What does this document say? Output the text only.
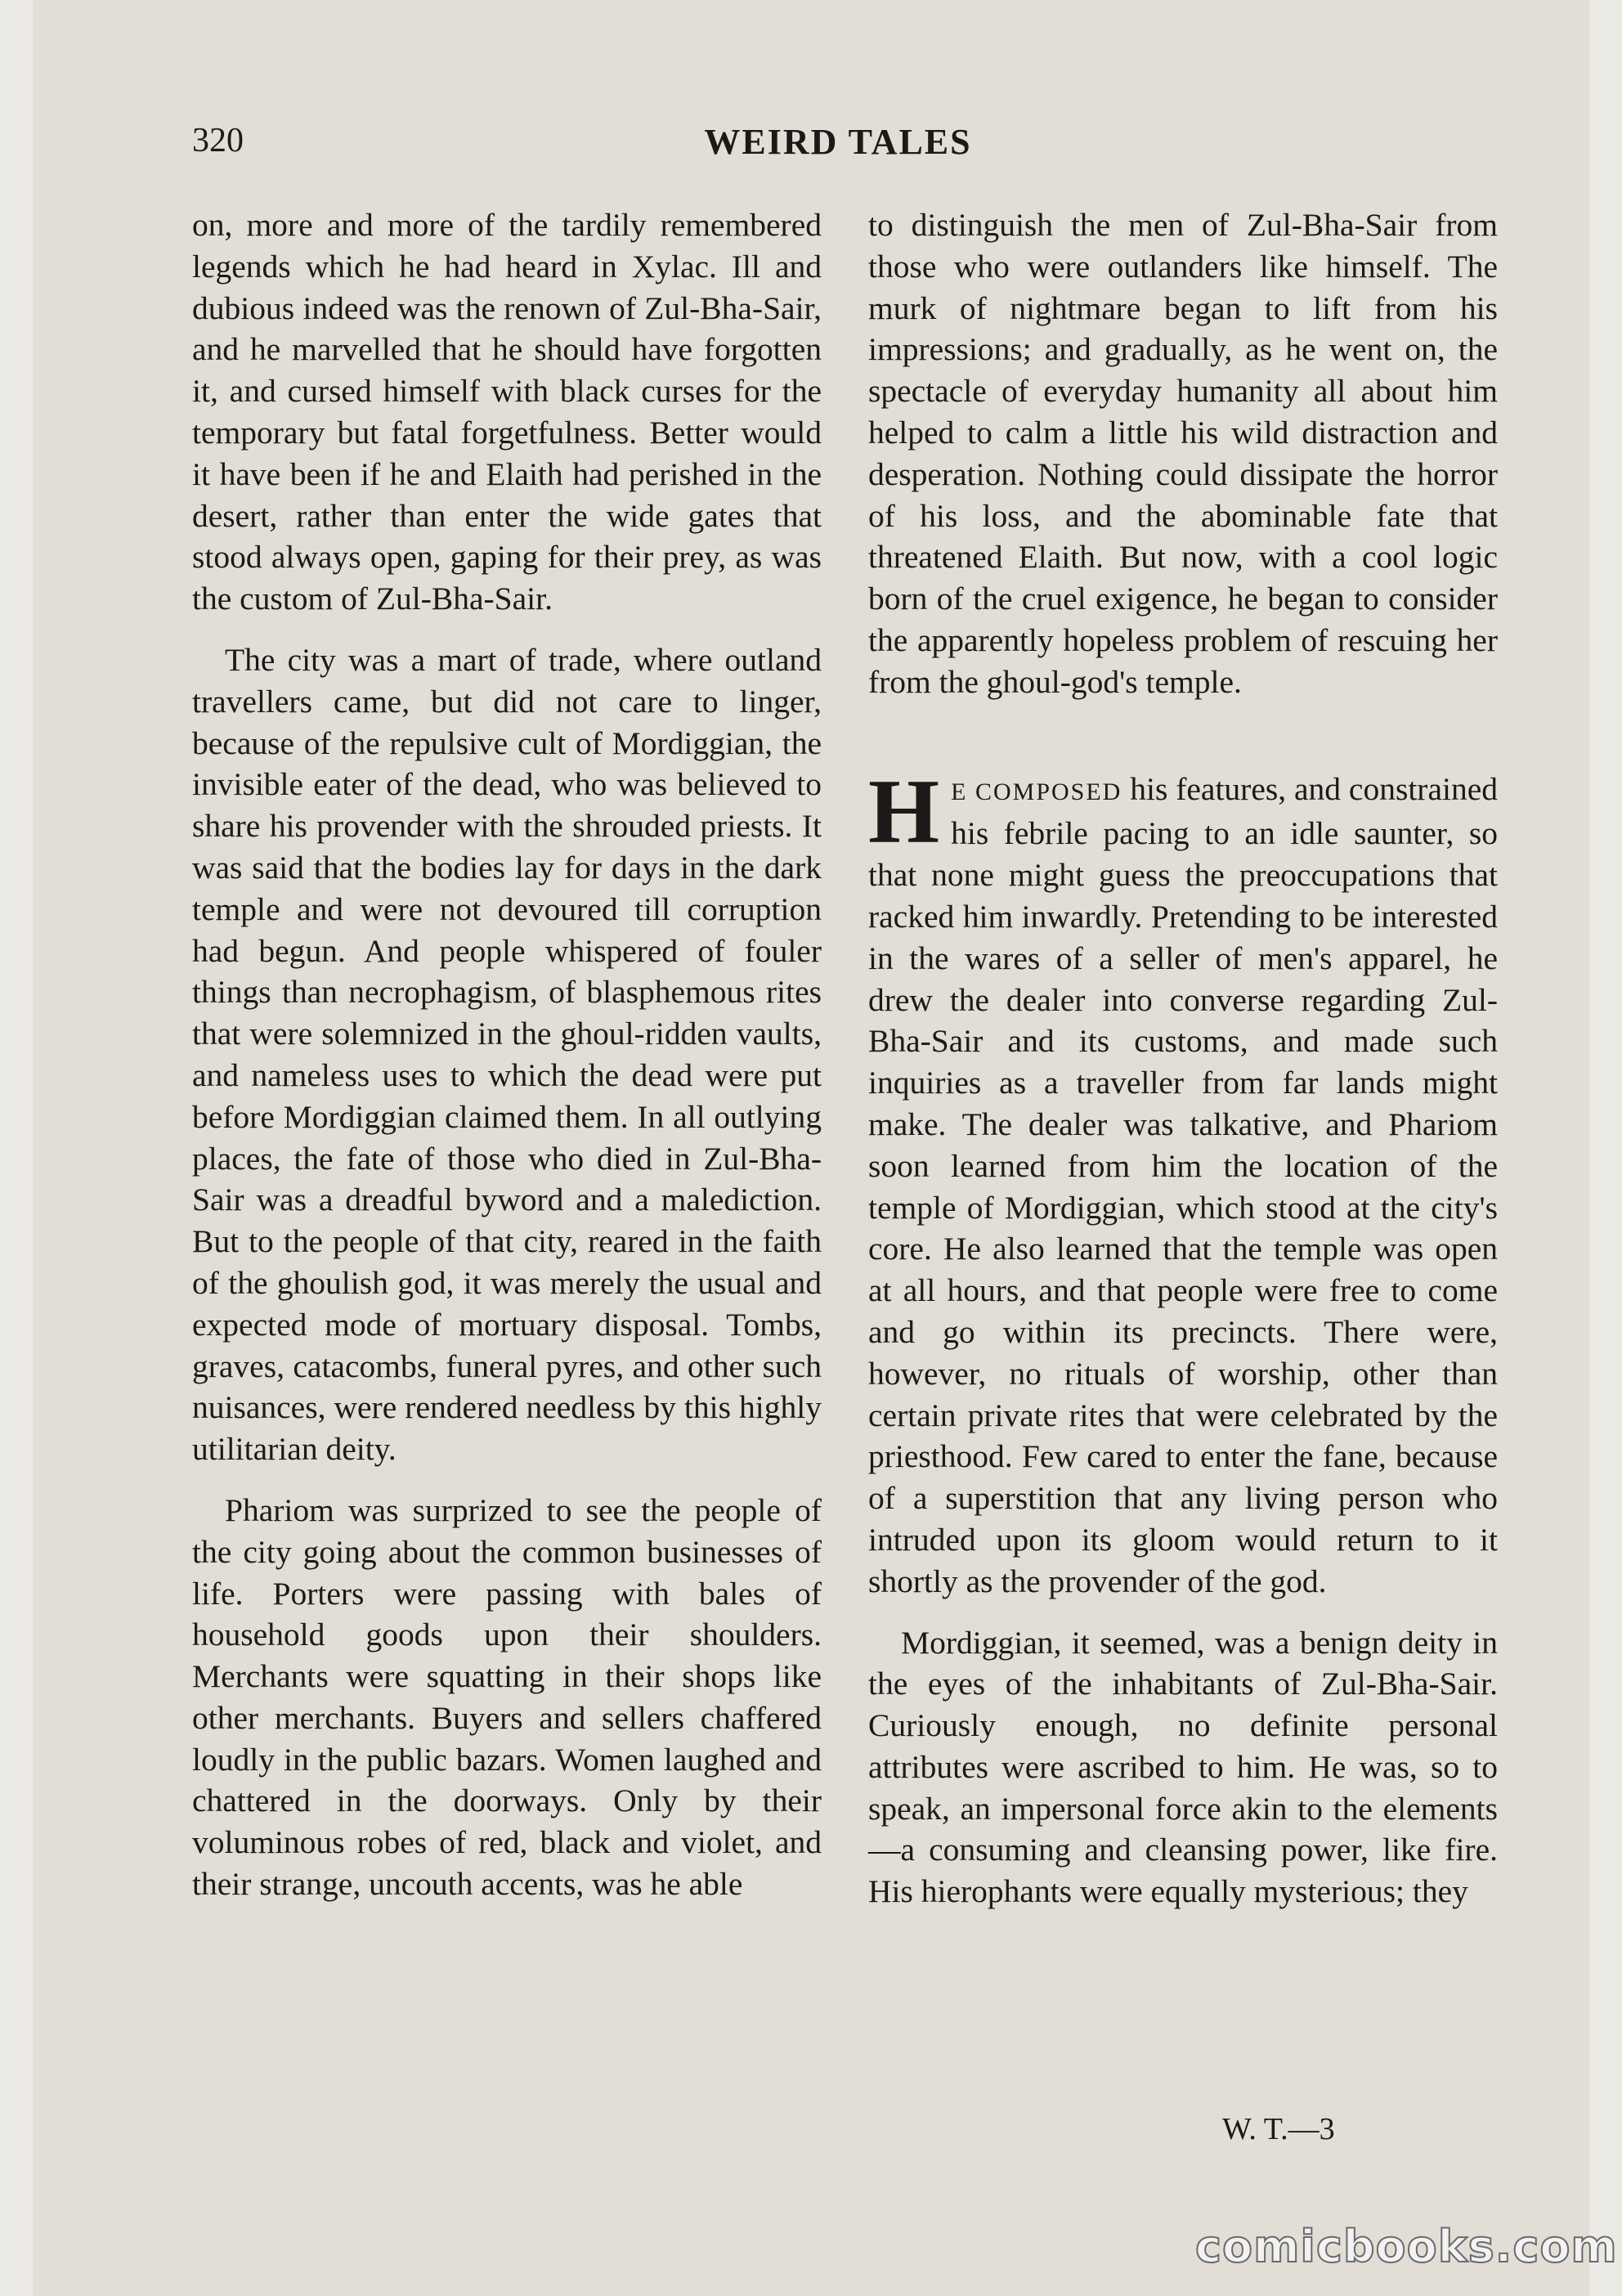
320	WEIRD TALES

on, more and more of the tardily remembered legends which he had heard in Xylac. Ill and dubious indeed was the renown of Zul-Bha-Sair, and he marvelled that he should have forgotten it, and cursed himself with black curses for the temporary but fatal forgetfulness. Better would it have been if he and Elaith had perished in the desert, rather than enter the wide gates that stood always open, gaping for their prey, as was the custom of Zul-Bha-Sair.

The city was a mart of trade, where outland travellers came, but did not care to linger, because of the repulsive cult of Mordiggian, the invisible eater of the dead, who was believed to share his provender with the shrouded priests. It was said that the bodies lay for days in the dark temple and were not devoured till corruption had begun. And people whispered of fouler things than necrophagism, of blasphemous rites that were solemnized in the ghoul-ridden vaults, and nameless uses to which the dead were put before Mordiggian claimed them. In all outlying places, the fate of those who died in Zul-Bha-Sair was a dreadful byword and a malediction. But to the people of that city, reared in the faith of the ghoulish god, it was merely the usual and expected mode of mortuary disposal. Tombs, graves, catacombs, funeral pyres, and other such nuisances, were rendered needless by this highly utilitarian deity.

Phariom was surprized to see the people of the city going about the common businesses of life. Porters were passing with bales of household goods upon their shoulders. Merchants were squatting in their shops like other merchants. Buyers and sellers chaffered loudly in the public bazars. Women laughed and chattered in the doorways. Only by their voluminous robes of red, black and violet, and their strange, uncouth accents, was he able

to distinguish the men of Zul-Bha-Sair from those who were outlanders like himself. The murk of nightmare began to lift from his impressions; and gradually, as he went on, the spectacle of everyday humanity all about him helped to calm a little his wild distraction and desperation. Nothing could dissipate the horror of his loss, and the abominable fate that threatened Elaith. But now, with a cool logic born of the cruel exigence, he began to consider the apparently hopeless problem of rescuing her from the ghoul-god's temple.

H E COMPOSED his features, and constrained his febrile pacing to an idle saunter, so that none might guess the preoccupations that racked him inwardly. Pretending to be interested in the wares of a seller of men's apparel, he drew the dealer into converse regarding Zul-Bha-Sair and its customs, and made such inquiries as a traveller from far lands might make. The dealer was talkative, and Phariom soon learned from him the location of the temple of Mordiggian, which stood at the city's core. He also learned that the temple was open at all hours, and that people were free to come and go within its precincts. There were, however, no rituals of worship, other than certain private rites that were celebrated by the priesthood. Few cared to enter the fane, because of a superstition that any living person who intruded upon its gloom would return to it shortly as the provender of the god.

Mordiggian, it seemed, was a benign deity in the eyes of the inhabitants of Zul-Bha-Sair. Curiously enough, no definite personal attributes were ascribed to him. He was, so to speak, an impersonal force akin to the elements—a consuming and cleansing power, like fire. His hierophants were equally mysterious; they

W. T.—3
comicbooks.com
